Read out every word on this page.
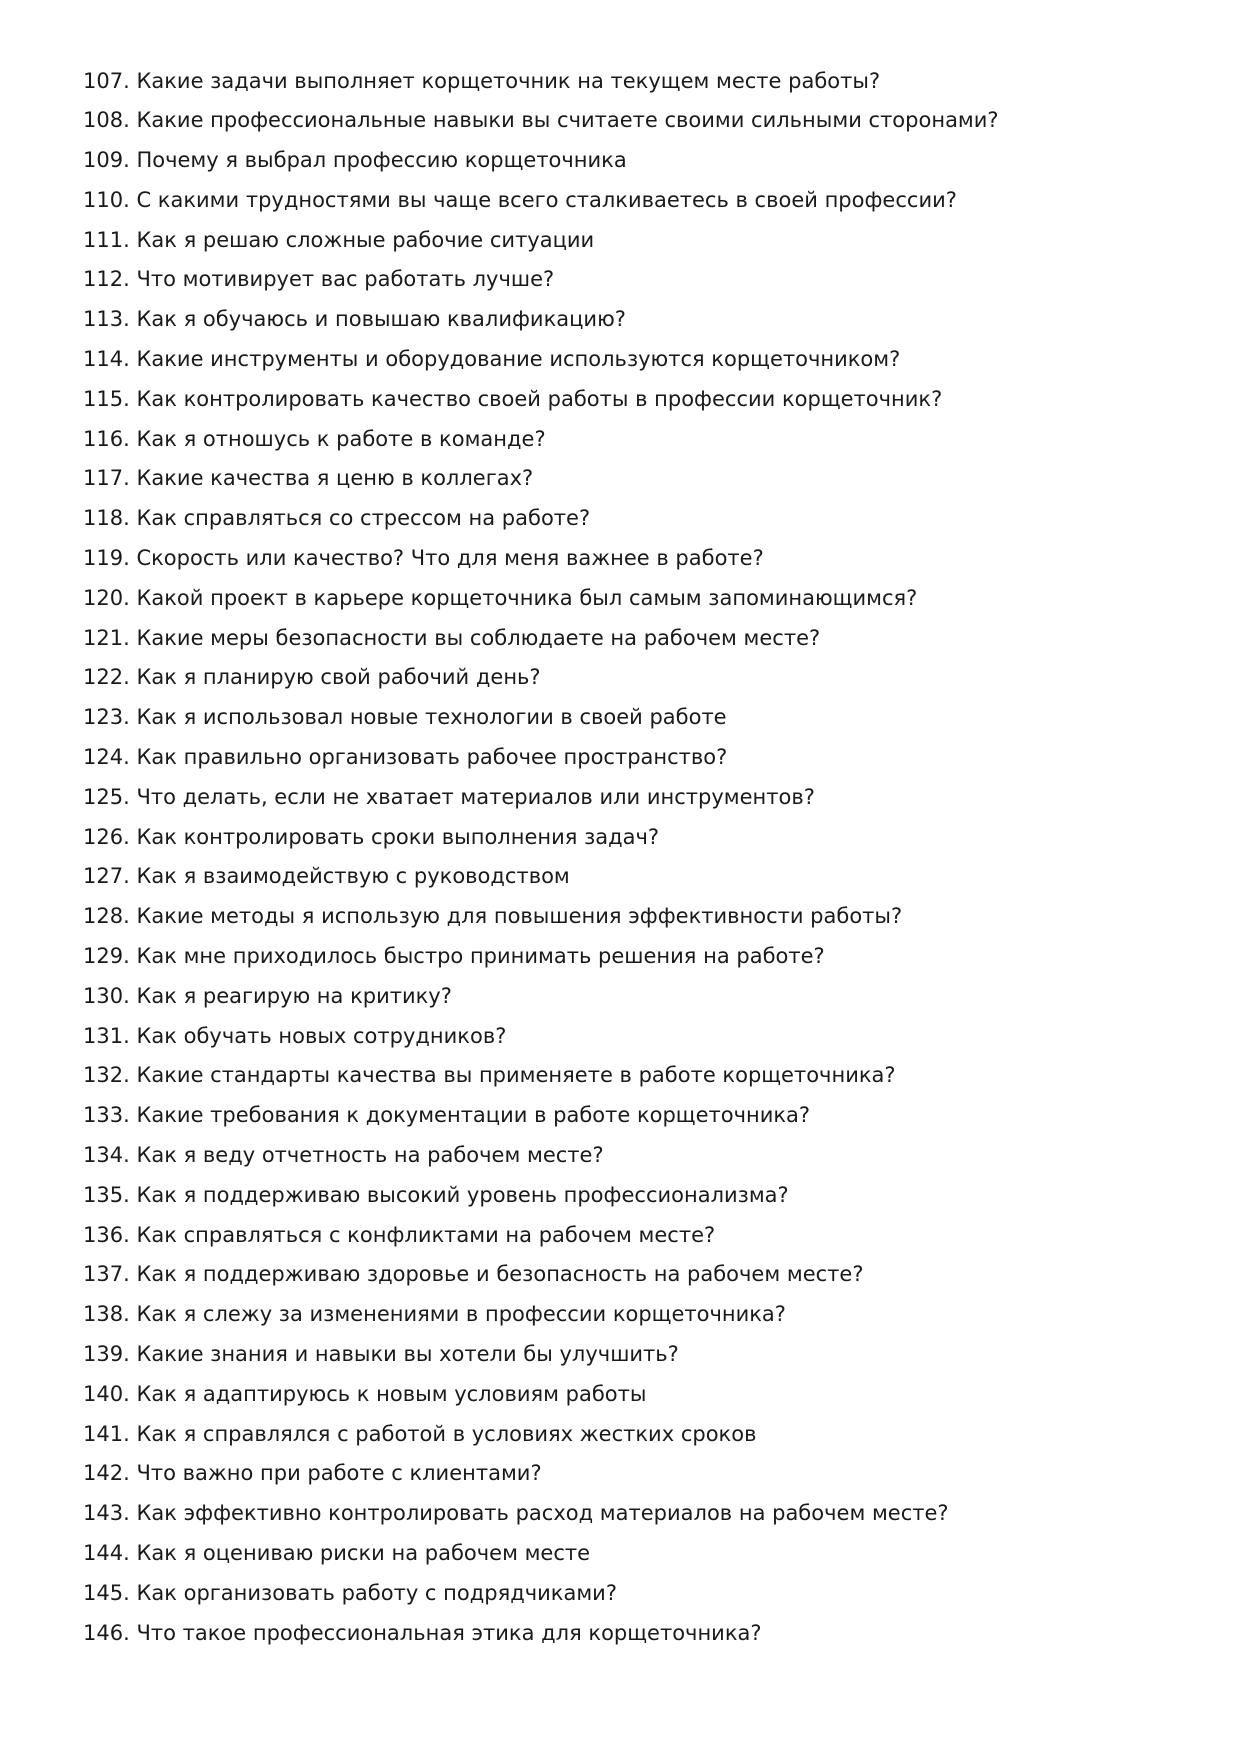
107. Какие задачи выполняет корщеточник на текущем месте работы?
108. Какие профессиональные навыки вы считаете своими сильными сторонами?
109. Почему я выбрал профессию корщеточника
110. С какими трудностями вы чаще всего сталкиваетесь в своей профессии?
111. Как я решаю сложные рабочие ситуации
112. Что мотивирует вас работать лучше?
113. Как я обучаюсь и повышаю квалификацию?
114. Какие инструменты и оборудование используются корщеточником?
115. Как контролировать качество своей работы в профессии корщеточник?
116. Как я отношусь к работе в команде?
117. Какие качества я ценю в коллегах?
118. Как справляться со стрессом на работе?
119. Скорость или качество? Что для меня важнее в работе?
120. Какой проект в карьере корщеточника был самым запоминающимся?
121. Какие меры безопасности вы соблюдаете на рабочем месте?
122. Как я планирую свой рабочий день?
123. Как я использовал новые технологии в своей работе
124. Как правильно организовать рабочее пространство?
125. Что делать, если не хватает материалов или инструментов?
126. Как контролировать сроки выполнения задач?
127. Как я взаимодействую с руководством
128. Какие методы я использую для повышения эффективности работы?
129. Как мне приходилось быстро принимать решения на работе?
130. Как я реагирую на критику?
131. Как обучать новых сотрудников?
132. Какие стандарты качества вы применяете в работе корщеточника?
133. Какие требования к документации в работе корщеточника?
134. Как я веду отчетность на рабочем месте?
135. Как я поддерживаю высокий уровень профессионализма?
136. Как справляться с конфликтами на рабочем месте?
137. Как я поддерживаю здоровье и безопасность на рабочем месте?
138. Как я слежу за изменениями в профессии корщеточника?
139. Какие знания и навыки вы хотели бы улучшить?
140. Как я адаптируюсь к новым условиям работы
141. Как я справлялся с работой в условиях жестких сроков
142. Что важно при работе с клиентами?
143. Как эффективно контролировать расход материалов на рабочем месте?
144. Как я оцениваю риски на рабочем месте
145. Как организовать работу с подрядчиками?
146. Что такое профессиональная этика для корщеточника?
